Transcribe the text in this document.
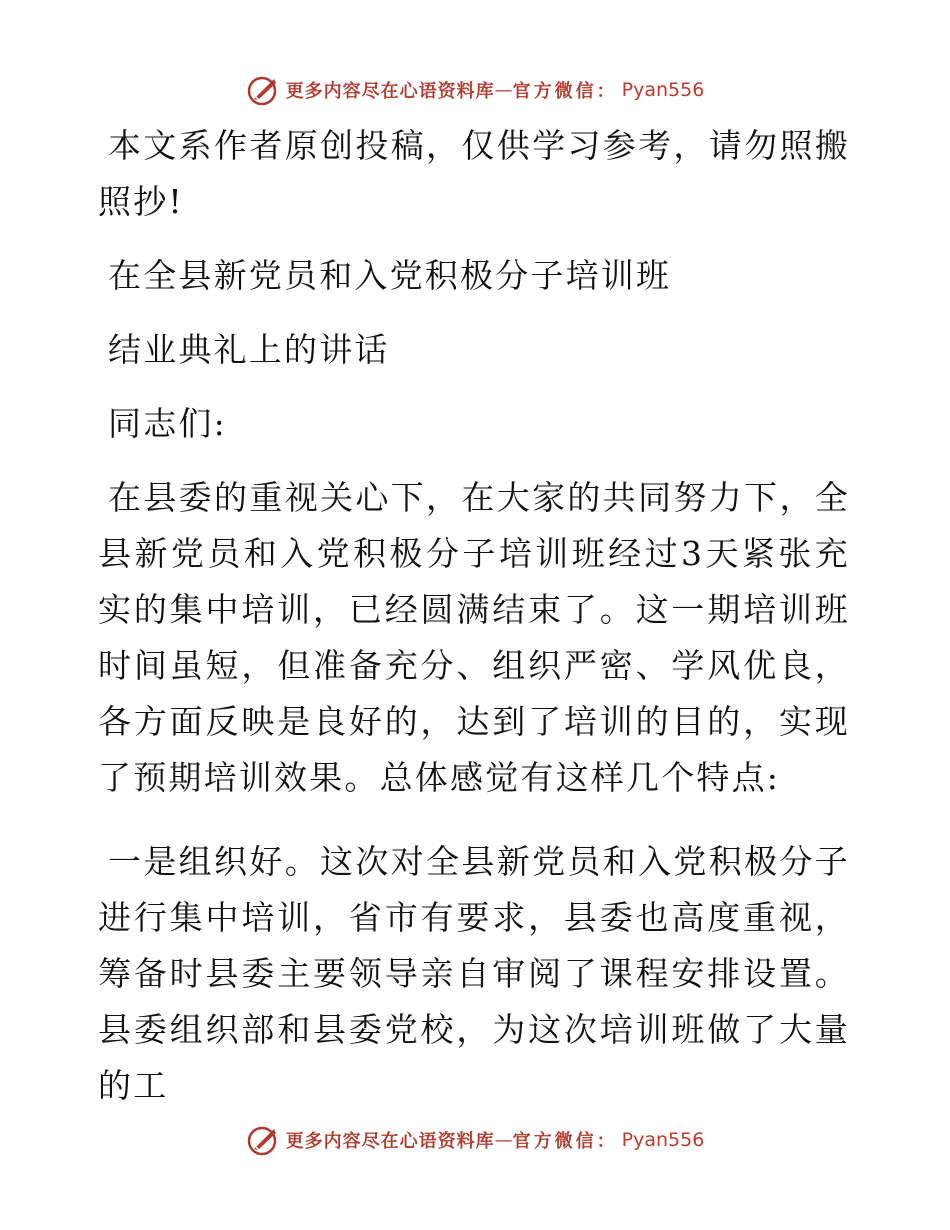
更多内容尽在心语资料库 — 官方微信： Pyan556

本文系作者原创投稿，仅供学习参考，请勿照搬照抄!

在全县新党员和入党积极分子培训班

结业典礼上的讲话

同志们:

在县委的重视关心下，在大家的共同努力下，全县新党员和入党积极分子培训班经过3天紧张充实的集中培训，已经圆满结束了。这一期培训班时间虽短，但准备充分、组织严密、学风优良，各方面反映是良好的，达到了培训的目的，实现了预期培训效果。总体感觉有这样几个特点:

一是组织好。这次对全县新党员和入党积极分子进行集中培训，省市有要求，县委也高度重视，筹备时县委主要领导亲自审阅了课程安排设置。县委组织部和县委党校，为这次培训班做了大量的工

更多内容尽在心语资料库 — 官方微信： Pyan556
